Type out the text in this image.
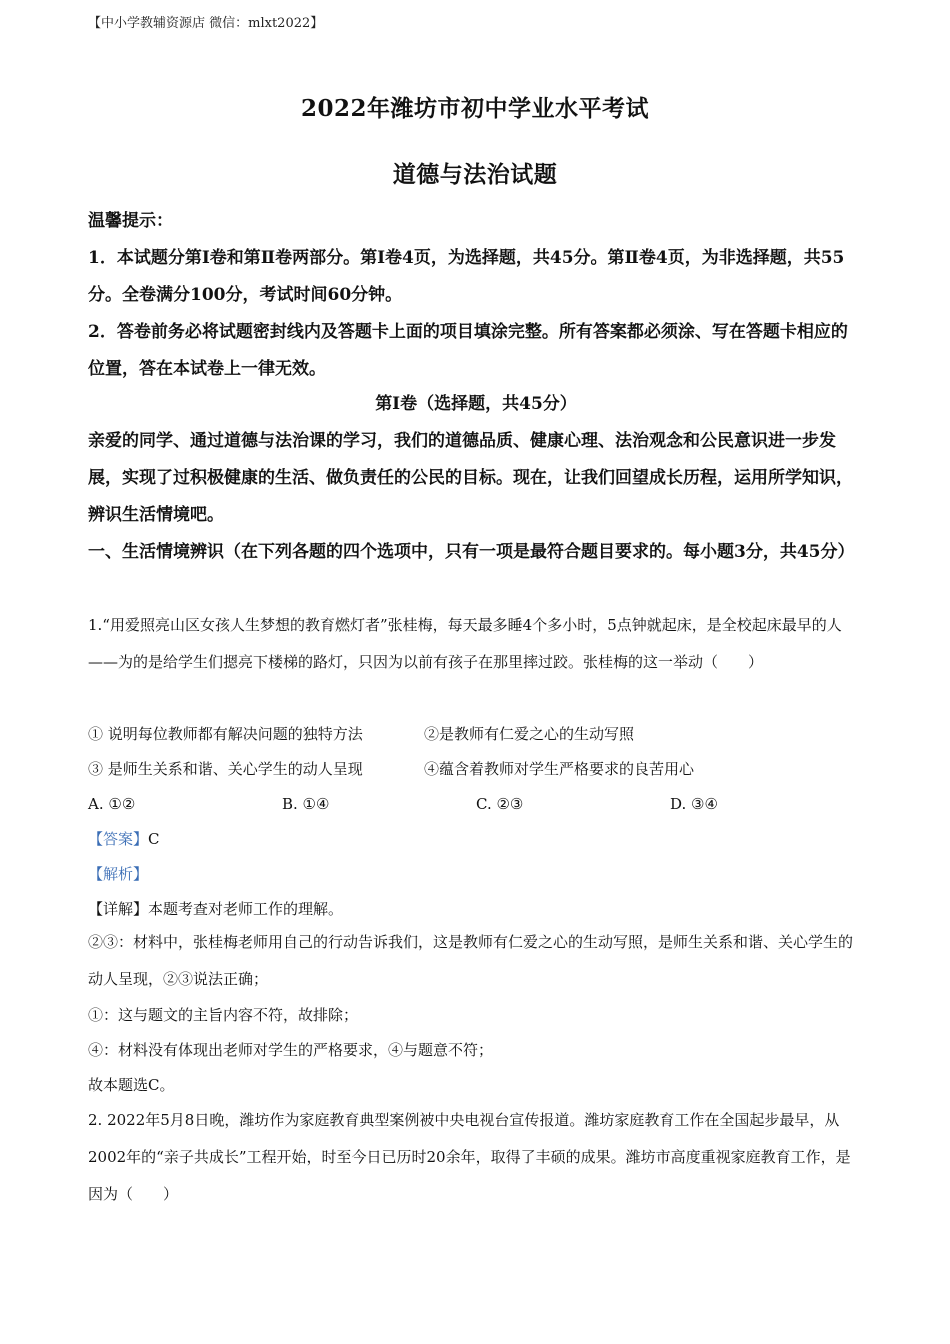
【中小学教辅资源店 微信：mlxt2022】
2022年潍坊市初中学业水平考试
道德与法治试题
温馨提示：
1．本试题分第Ⅰ卷和第Ⅱ卷两部分。第Ⅰ卷4页，为选择题，共45分。第Ⅱ卷4页，为非选择题，共55分。全卷满分100分，考试时间60分钟。
2．答卷前务必将试题密封线内及答题卡上面的项目填涂完整。所有答案都必须涂、写在答题卡相应的位置，答在本试卷上一律无效。
第Ⅰ卷（选择题，共45分）
亲爱的同学、通过道德与法治课的学习，我们的道德品质、健康心理、法治观念和公民意识进一步发展，实现了过积极健康的生活、做负责任的公民的目标。现在，让我们回望成长历程，运用所学知识，辨识生活情境吧。
一、生活情境辨识（在下列各题的四个选项中，只有一项是最符合题目要求的。每小题3分，共45分）
1.“用爱照亮山区女孩人生梦想的教育燃灯者”张桂梅，每天最多睡4个多小时，5点钟就起床，是全校起床最早的人——为的是给学生们摁亮下楼梯的路灯，只因为以前有孩子在那里摔过跤。张桂梅的这一举动（　　）
① 说明每位教师都有解决问题的独特方法	②是教师有仁爱之心的生动写照
③ 是师生关系和谐、关心学生的动人呈现	④蕴含着教师对学生严格要求的良苦用心
A. ①②	B. ①④	C. ②③	D. ③④
【答案】C
【解析】
【详解】本题考查对老师工作的理解。
②③：材料中，张桂梅老师用自己的行动告诉我们，这是教师有仁爱之心的生动写照，是师生关系和谐、关心学生的动人呈现，②③说法正确；
①：这与题文的主旨内容不符，故排除；
④：材料没有体现出老师对学生的严格要求，④与题意不符；
故本题选C。
2. 2022年5月8日晚，潍坊作为家庭教育典型案例被中央电视台宣传报道。潍坊家庭教育工作在全国起步最早，从2002年的“亲子共成长”工程开始，时至今日已历时20余年，取得了丰硕的成果。潍坊市高度重视家庭教育工作，是因为（　　）
